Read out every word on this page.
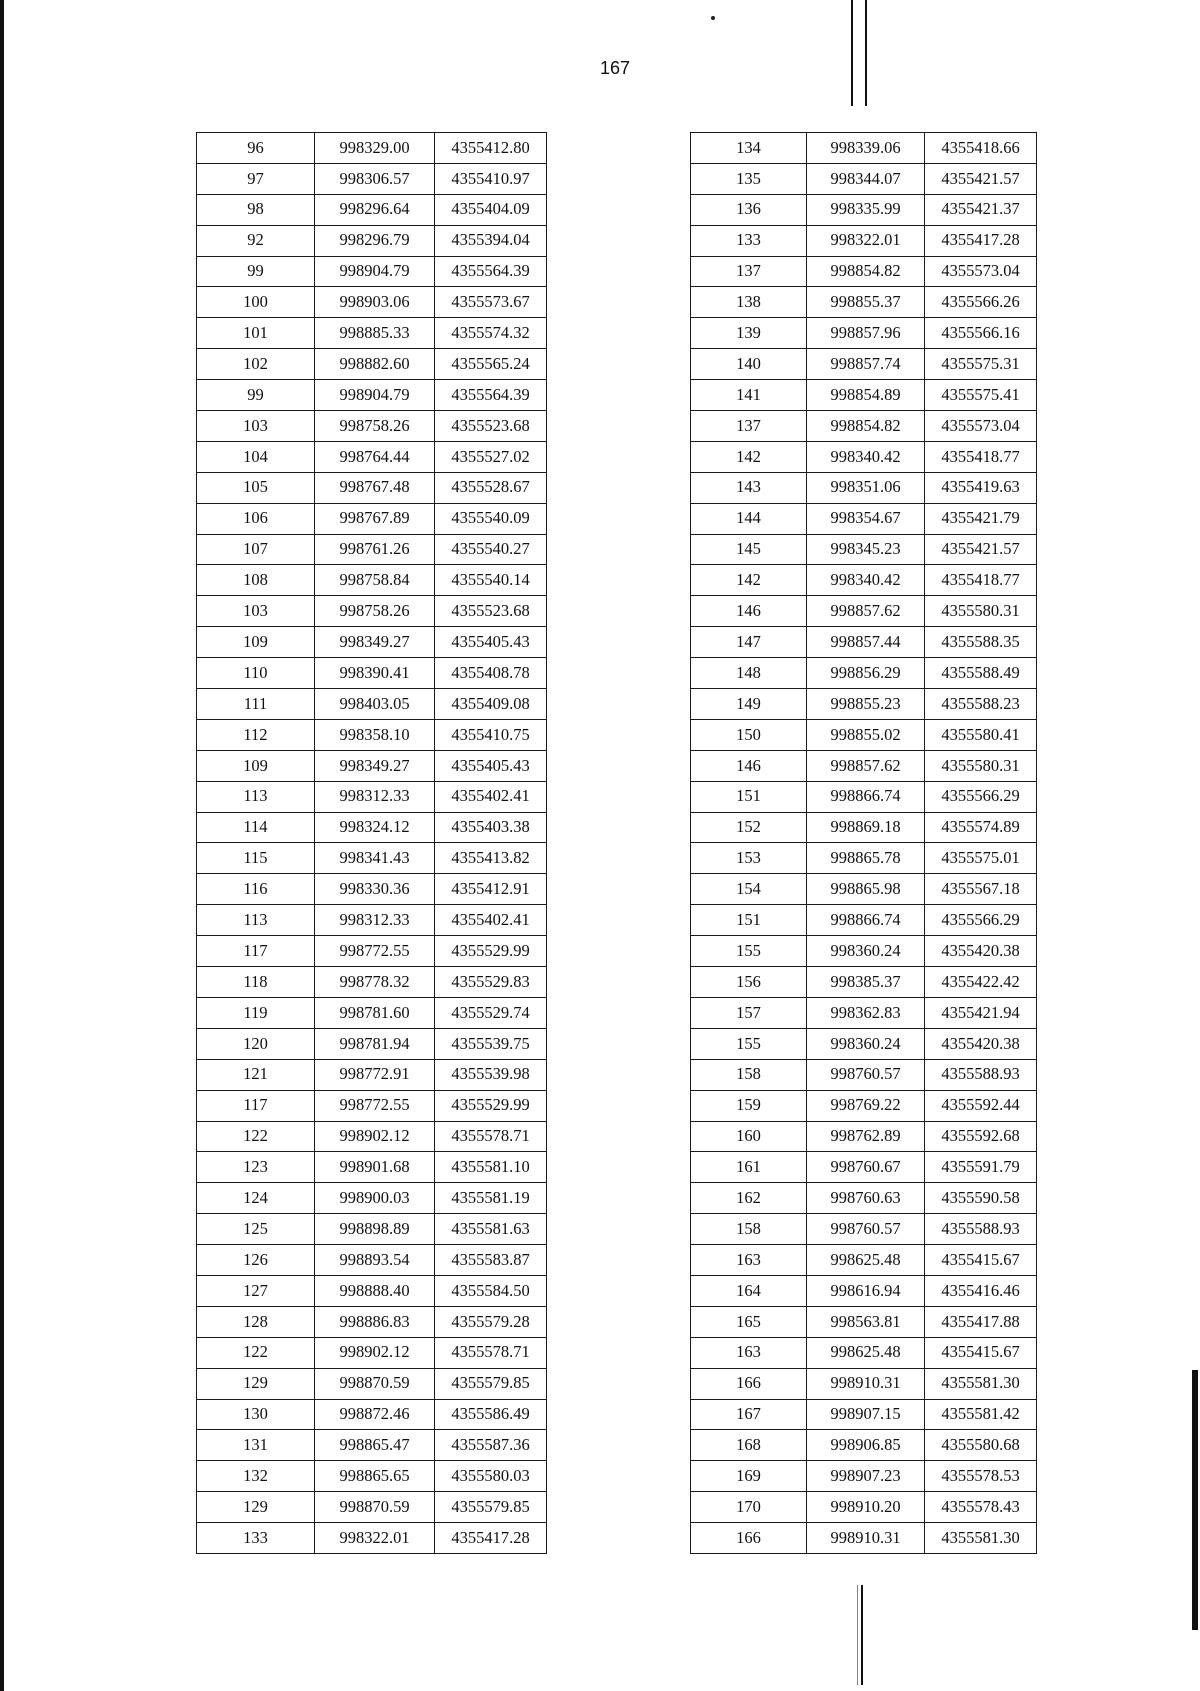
167
96	998329.00	4355412.80
97	998306.57	4355410.97
98	998296.64	4355404.09
92	998296.79	4355394.04
99	998904.79	4355564.39
100	998903.06	4355573.67
101	998885.33	4355574.32
102	998882.60	4355565.24
99	998904.79	4355564.39
103	998758.26	4355523.68
104	998764.44	4355527.02
105	998767.48	4355528.67
106	998767.89	4355540.09
107	998761.26	4355540.27
108	998758.84	4355540.14
103	998758.26	4355523.68
109	998349.27	4355405.43
110	998390.41	4355408.78
111	998403.05	4355409.08
112	998358.10	4355410.75
109	998349.27	4355405.43
113	998312.33	4355402.41
114	998324.12	4355403.38
115	998341.43	4355413.82
116	998330.36	4355412.91
113	998312.33	4355402.41
117	998772.55	4355529.99
118	998778.32	4355529.83
119	998781.60	4355529.74
120	998781.94	4355539.75
121	998772.91	4355539.98
117	998772.55	4355529.99
122	998902.12	4355578.71
123	998901.68	4355581.10
124	998900.03	4355581.19
125	998898.89	4355581.63
126	998893.54	4355583.87
127	998888.40	4355584.50
128	998886.83	4355579.28
122	998902.12	4355578.71
129	998870.59	4355579.85
130	998872.46	4355586.49
131	998865.47	4355587.36
132	998865.65	4355580.03
129	998870.59	4355579.85
133	998322.01	4355417.28
134	998339.06	4355418.66
135	998344.07	4355421.57
136	998335.99	4355421.37
133	998322.01	4355417.28
137	998854.82	4355573.04
138	998855.37	4355566.26
139	998857.96	4355566.16
140	998857.74	4355575.31
141	998854.89	4355575.41
137	998854.82	4355573.04
142	998340.42	4355418.77
143	998351.06	4355419.63
144	998354.67	4355421.79
145	998345.23	4355421.57
142	998340.42	4355418.77
146	998857.62	4355580.31
147	998857.44	4355588.35
148	998856.29	4355588.49
149	998855.23	4355588.23
150	998855.02	4355580.41
146	998857.62	4355580.31
151	998866.74	4355566.29
152	998869.18	4355574.89
153	998865.78	4355575.01
154	998865.98	4355567.18
151	998866.74	4355566.29
155	998360.24	4355420.38
156	998385.37	4355422.42
157	998362.83	4355421.94
155	998360.24	4355420.38
158	998760.57	4355588.93
159	998769.22	4355592.44
160	998762.89	4355592.68
161	998760.67	4355591.79
162	998760.63	4355590.58
158	998760.57	4355588.93
163	998625.48	4355415.67
164	998616.94	4355416.46
165	998563.81	4355417.88
163	998625.48	4355415.67
166	998910.31	4355581.30
167	998907.15	4355581.42
168	998906.85	4355580.68
169	998907.23	4355578.53
170	998910.20	4355578.43
166	998910.31	4355581.30
